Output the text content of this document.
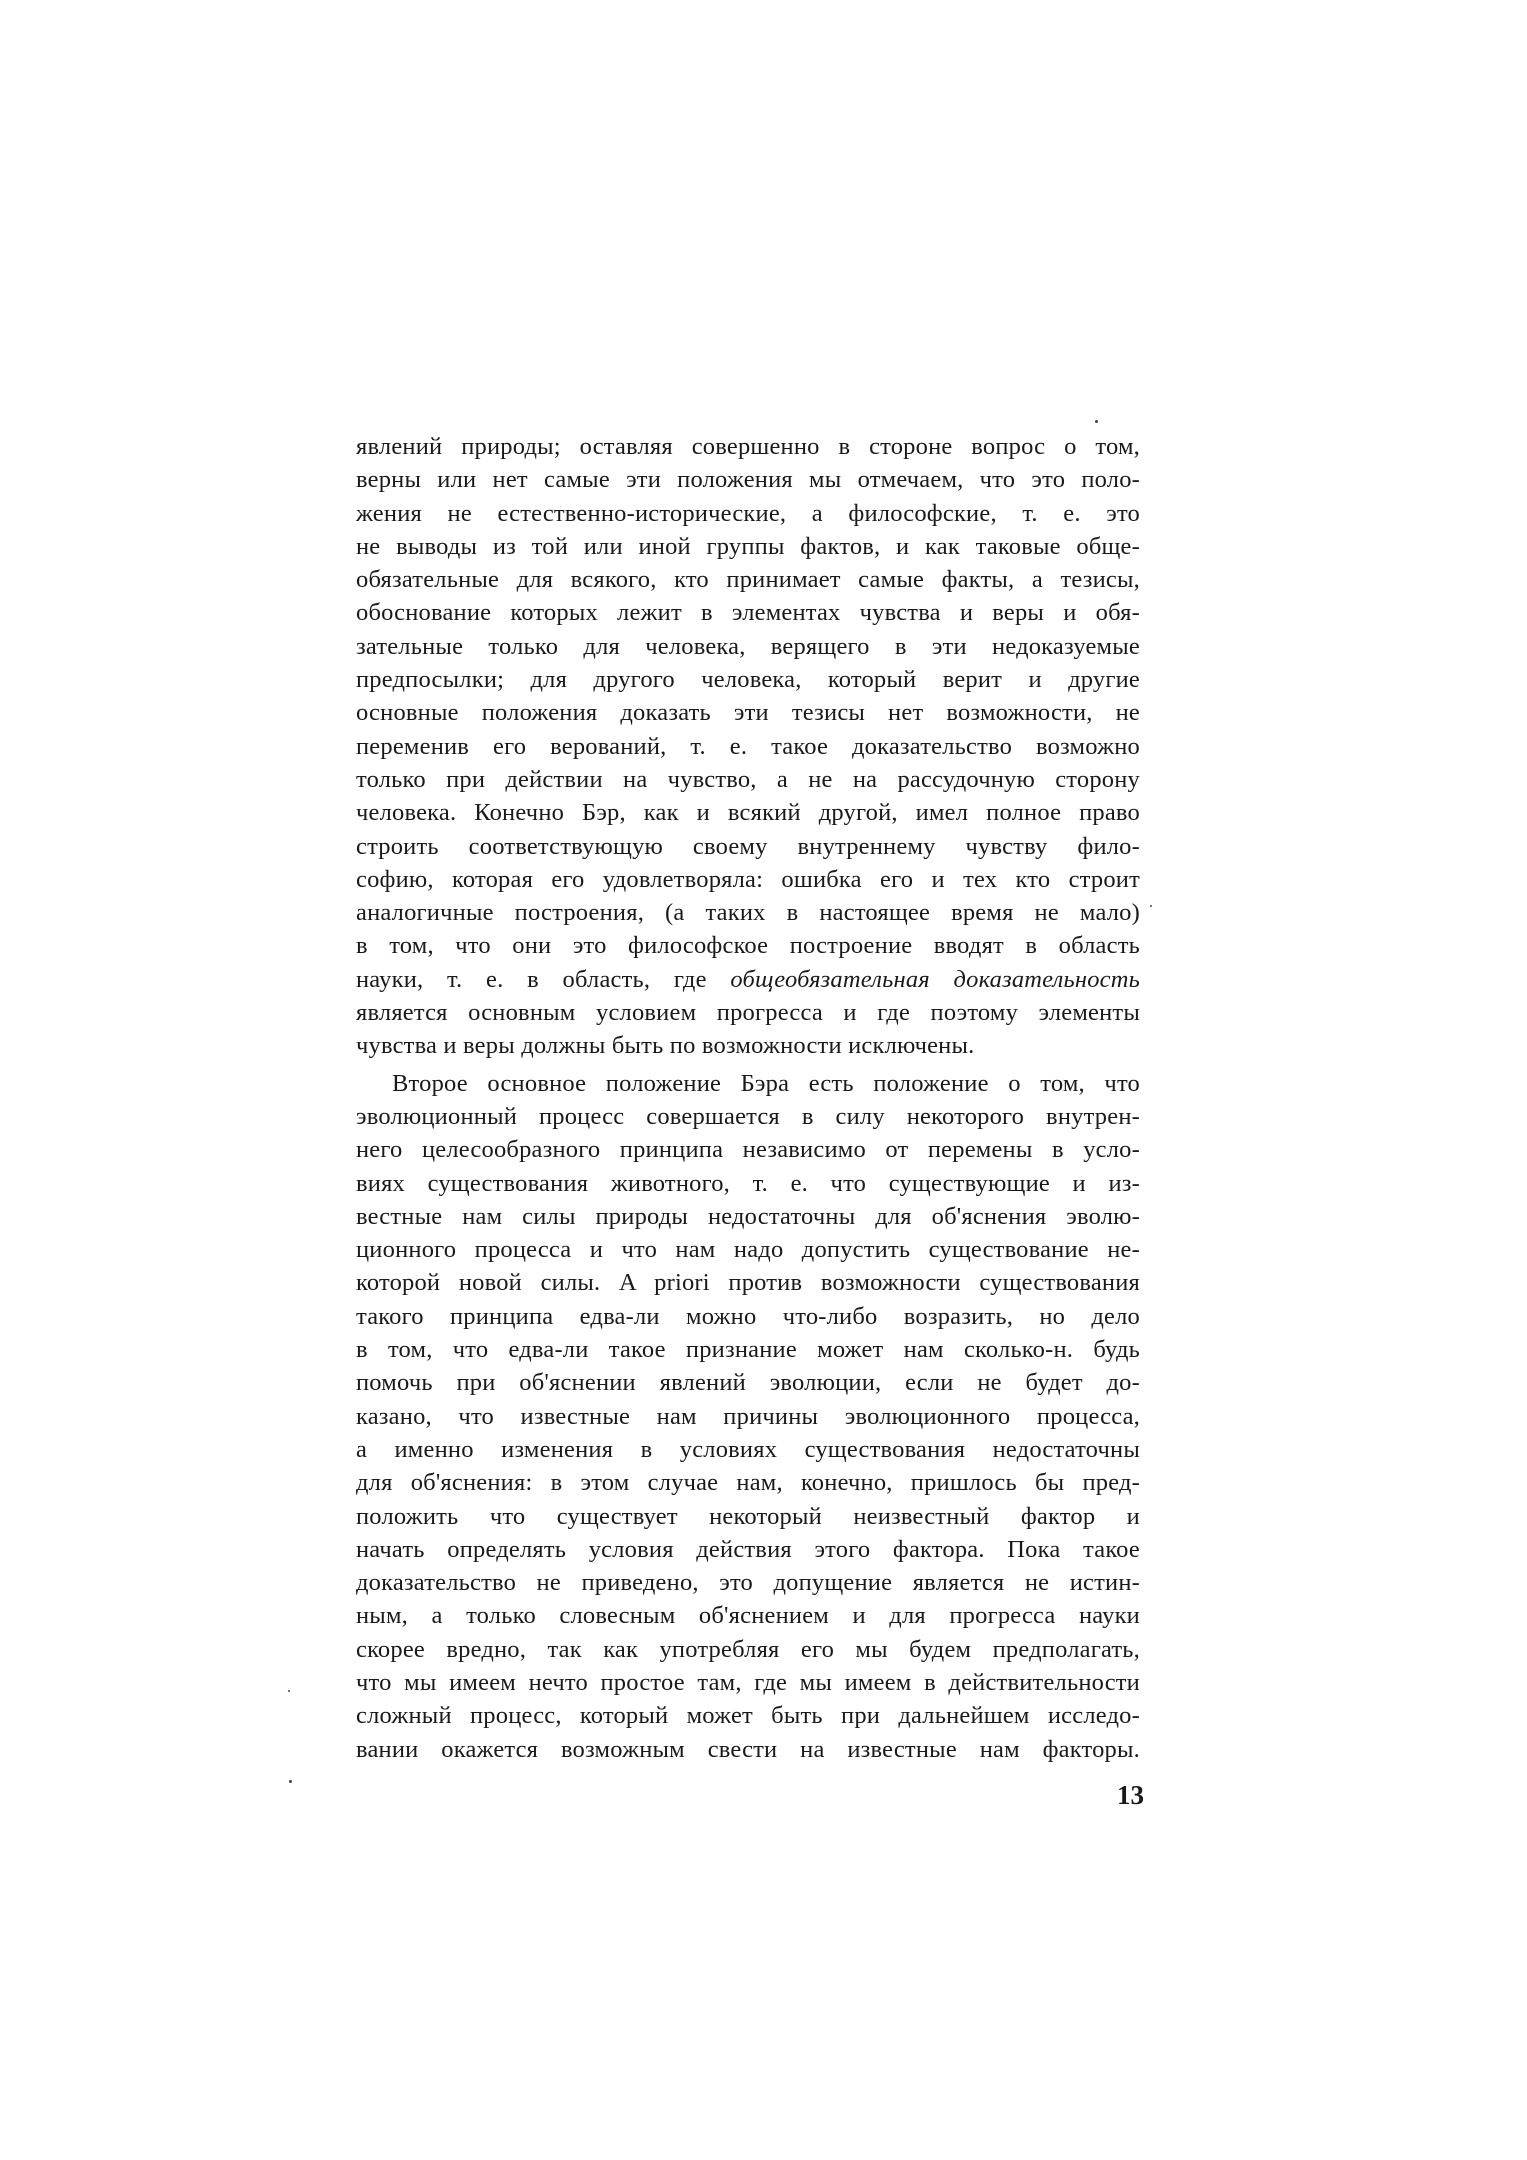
явлений природы; оставляя совершенно в стороне вопрос о том,
верны или нет самые эти положения мы отмечаем, что это поло-
жения не естественно-исторические, а философские, т. е. это
не выводы из той или иной группы фактов, и как таковые обще-
обязательные для всякого, кто принимает самые факты, а тезисы,
обоснование которых лежит в элементах чувства и веры и обя-
зательные только для человека, верящего в эти недоказуемые
предпосылки; для другого человека, который верит и другие
основные положения доказать эти тезисы нет возможности, не
переменив его верований, т. е. такое доказательство возможно
только при действии на чувство, а не на рассудочную сторону
человека. Конечно Бэр, как и всякий другой, имел полное право
строить соответствующую своему внутреннему чувству фило-
софию, которая его удовлетворяла: ошибка его и тех кто строит
аналогичные построения, (а таких в настоящее время не мало)
в том, что они это философское построение вводят в область
науки, т. е. в облaсть, где общеобязательная доказательность
является основным условием прогресса и где поэтому элементы
чувства и веры должны быть по возможности исключены.
Второе основное положение Бэра есть положение о том, что
эволюционный процесс совершается в силу некоторого внутрен-
него целесообразного принципа независимо от перемены в усло-
виях существования животного, т. е. что существующие и из-
вестные нам силы природы недостаточны для об'яснения эволю-
ционного процесса и что нам надо допустить существование не-
которой новой силы. A priori против возможности существования
такого принципа едва-ли можно что-либо возразить, но дело
в том, что едва-ли такое признание может нам сколько-н. будь
помочь при об'яснении явлений эволюции, если не будет до-
казано, что известные нам причины эволюционного процесса,
а именно изменения в условиях существования недостаточны
для об'яснения: в этом случае нам, конечно, пришлось бы пред-
положить что существует некоторый неизвестный фактор и
начать определять условия действия этого фактора. Пока такое
доказательство не приведено, это допущение является не истин-
ным, а только словесным об'яснением и для прогресса науки
скорее вредно, так как употребляя его мы будем предполагать,
что мы имеем нечто простое там, где мы имеем в действительности
сложный процесс, который может быть при дальнейшем исследо-
вании окажется возможным свести на известные нам факторы.
13
